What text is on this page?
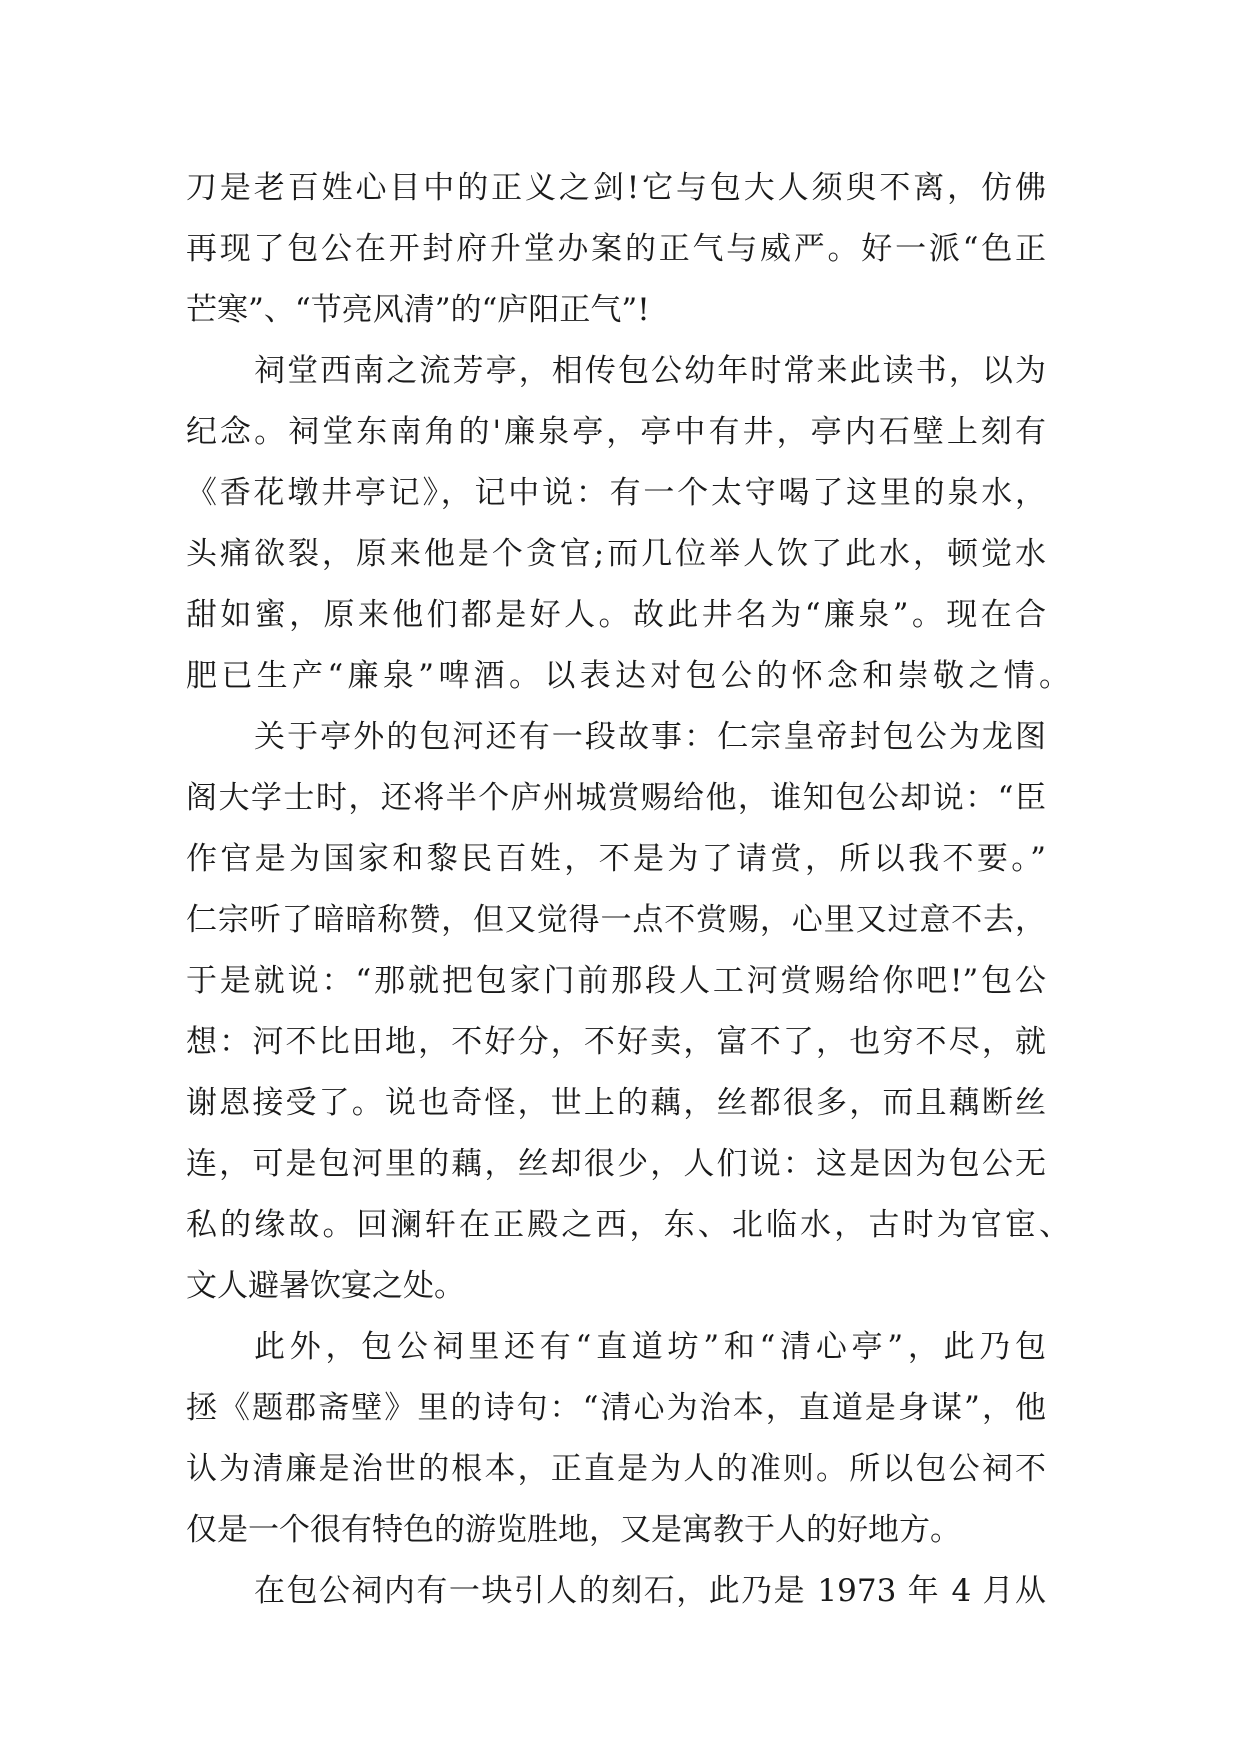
刀是老百姓心目中的正义之剑!它与包大人须臾不离，仿佛
再现了包公在开封府升堂办案的正气与威严。好一派“色正
芒寒”、“节亮风清”的“庐阳正气”!
祠堂西南之流芳亭，相传包公幼年时常来此读书，以为
纪念。祠堂东南角的'廉泉亭，亭中有井，亭内石壁上刻有
《香花墩井亭记》，记中说：有一个太守喝了这里的泉水，
头痛欲裂，原来他是个贪官;而几位举人饮了此水，顿觉水
甜如蜜，原来他们都是好人。故此井名为“廉泉”。现在合
肥已生产“廉泉”啤酒。以表达对包公的怀念和崇敬之情。
关于亭外的包河还有一段故事：仁宗皇帝封包公为龙图
阁大学士时，还将半个庐州城赏赐给他，谁知包公却说：“臣
作官是为国家和黎民百姓，不是为了请赏，所以我不要。”
仁宗听了暗暗称赞，但又觉得一点不赏赐，心里又过意不去，
于是就说：“那就把包家门前那段人工河赏赐给你吧!”包公
想：河不比田地，不好分，不好卖，富不了，也穷不尽，就
谢恩接受了。说也奇怪，世上的藕，丝都很多，而且藕断丝
连，可是包河里的藕，丝却很少，人们说：这是因为包公无
私的缘故。回澜轩在正殿之西，东、北临水，古时为官宦、
文人避暑饮宴之处。
此外，包公祠里还有“直道坊”和“清心亭”，此乃包
拯《题郡斋壁》里的诗句：“清心为治本，直道是身谋”，他
认为清廉是治世的根本，正直是为人的准则。所以包公祠不
仅是一个很有特色的游览胜地，又是寓教于人的好地方。
在包公祠内有一块引人的刻石，此乃是 1973 年 4 月从
